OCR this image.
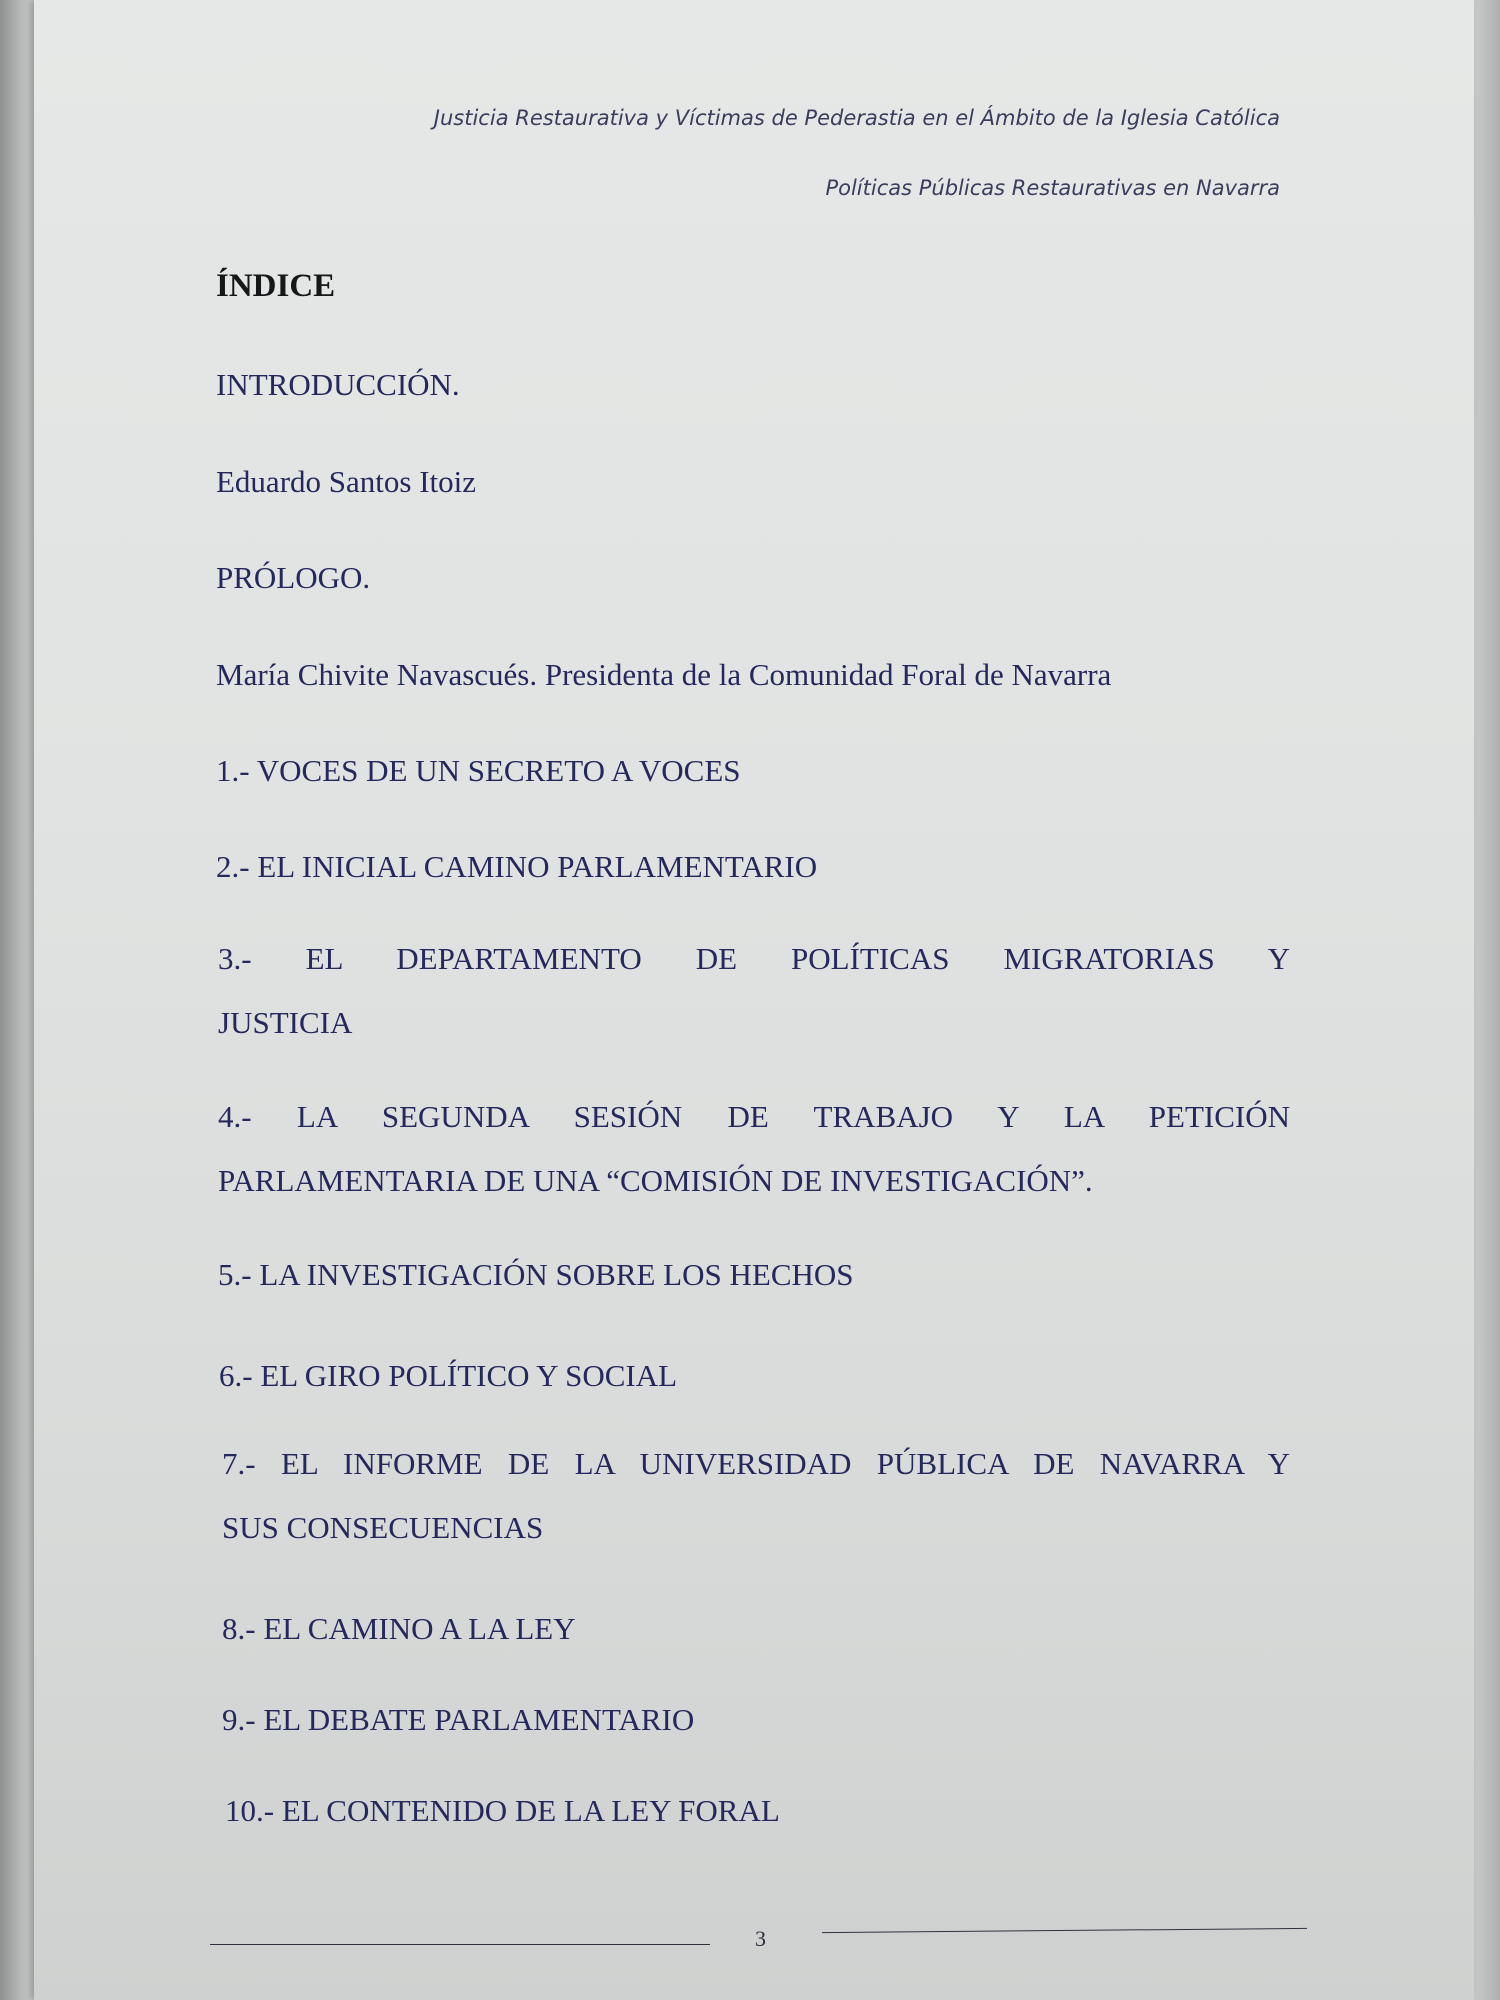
Justicia Restaurativa y Víctimas de Pederastia en el Ámbito de la Iglesia Católica
Políticas Públicas Restaurativas en Navarra
ÍNDICE
INTRODUCCIÓN.
Eduardo Santos Itoiz
PRÓLOGO.
María Chivite Navascués. Presidenta de la Comunidad Foral de Navarra
1.- VOCES DE UN SECRETO A VOCES
2.- EL INICIAL CAMINO PARLAMENTARIO
3.- EL DEPARTAMENTO DE POLÍTICAS MIGRATORIAS Y
JUSTICIA
4.- LA SEGUNDA SESIÓN DE TRABAJO Y LA PETICIÓN
PARLAMENTARIA DE UNA “COMISIÓN DE INVESTIGACIÓN”.
5.- LA INVESTIGACIÓN SOBRE LOS HECHOS
6.- EL GIRO POLÍTICO Y SOCIAL
7.- EL INFORME DE LA UNIVERSIDAD PÚBLICA DE NAVARRA Y
SUS CONSECUENCIAS
8.- EL CAMINO A LA LEY
9.- EL DEBATE PARLAMENTARIO
10.- EL CONTENIDO DE LA LEY FORAL
3
